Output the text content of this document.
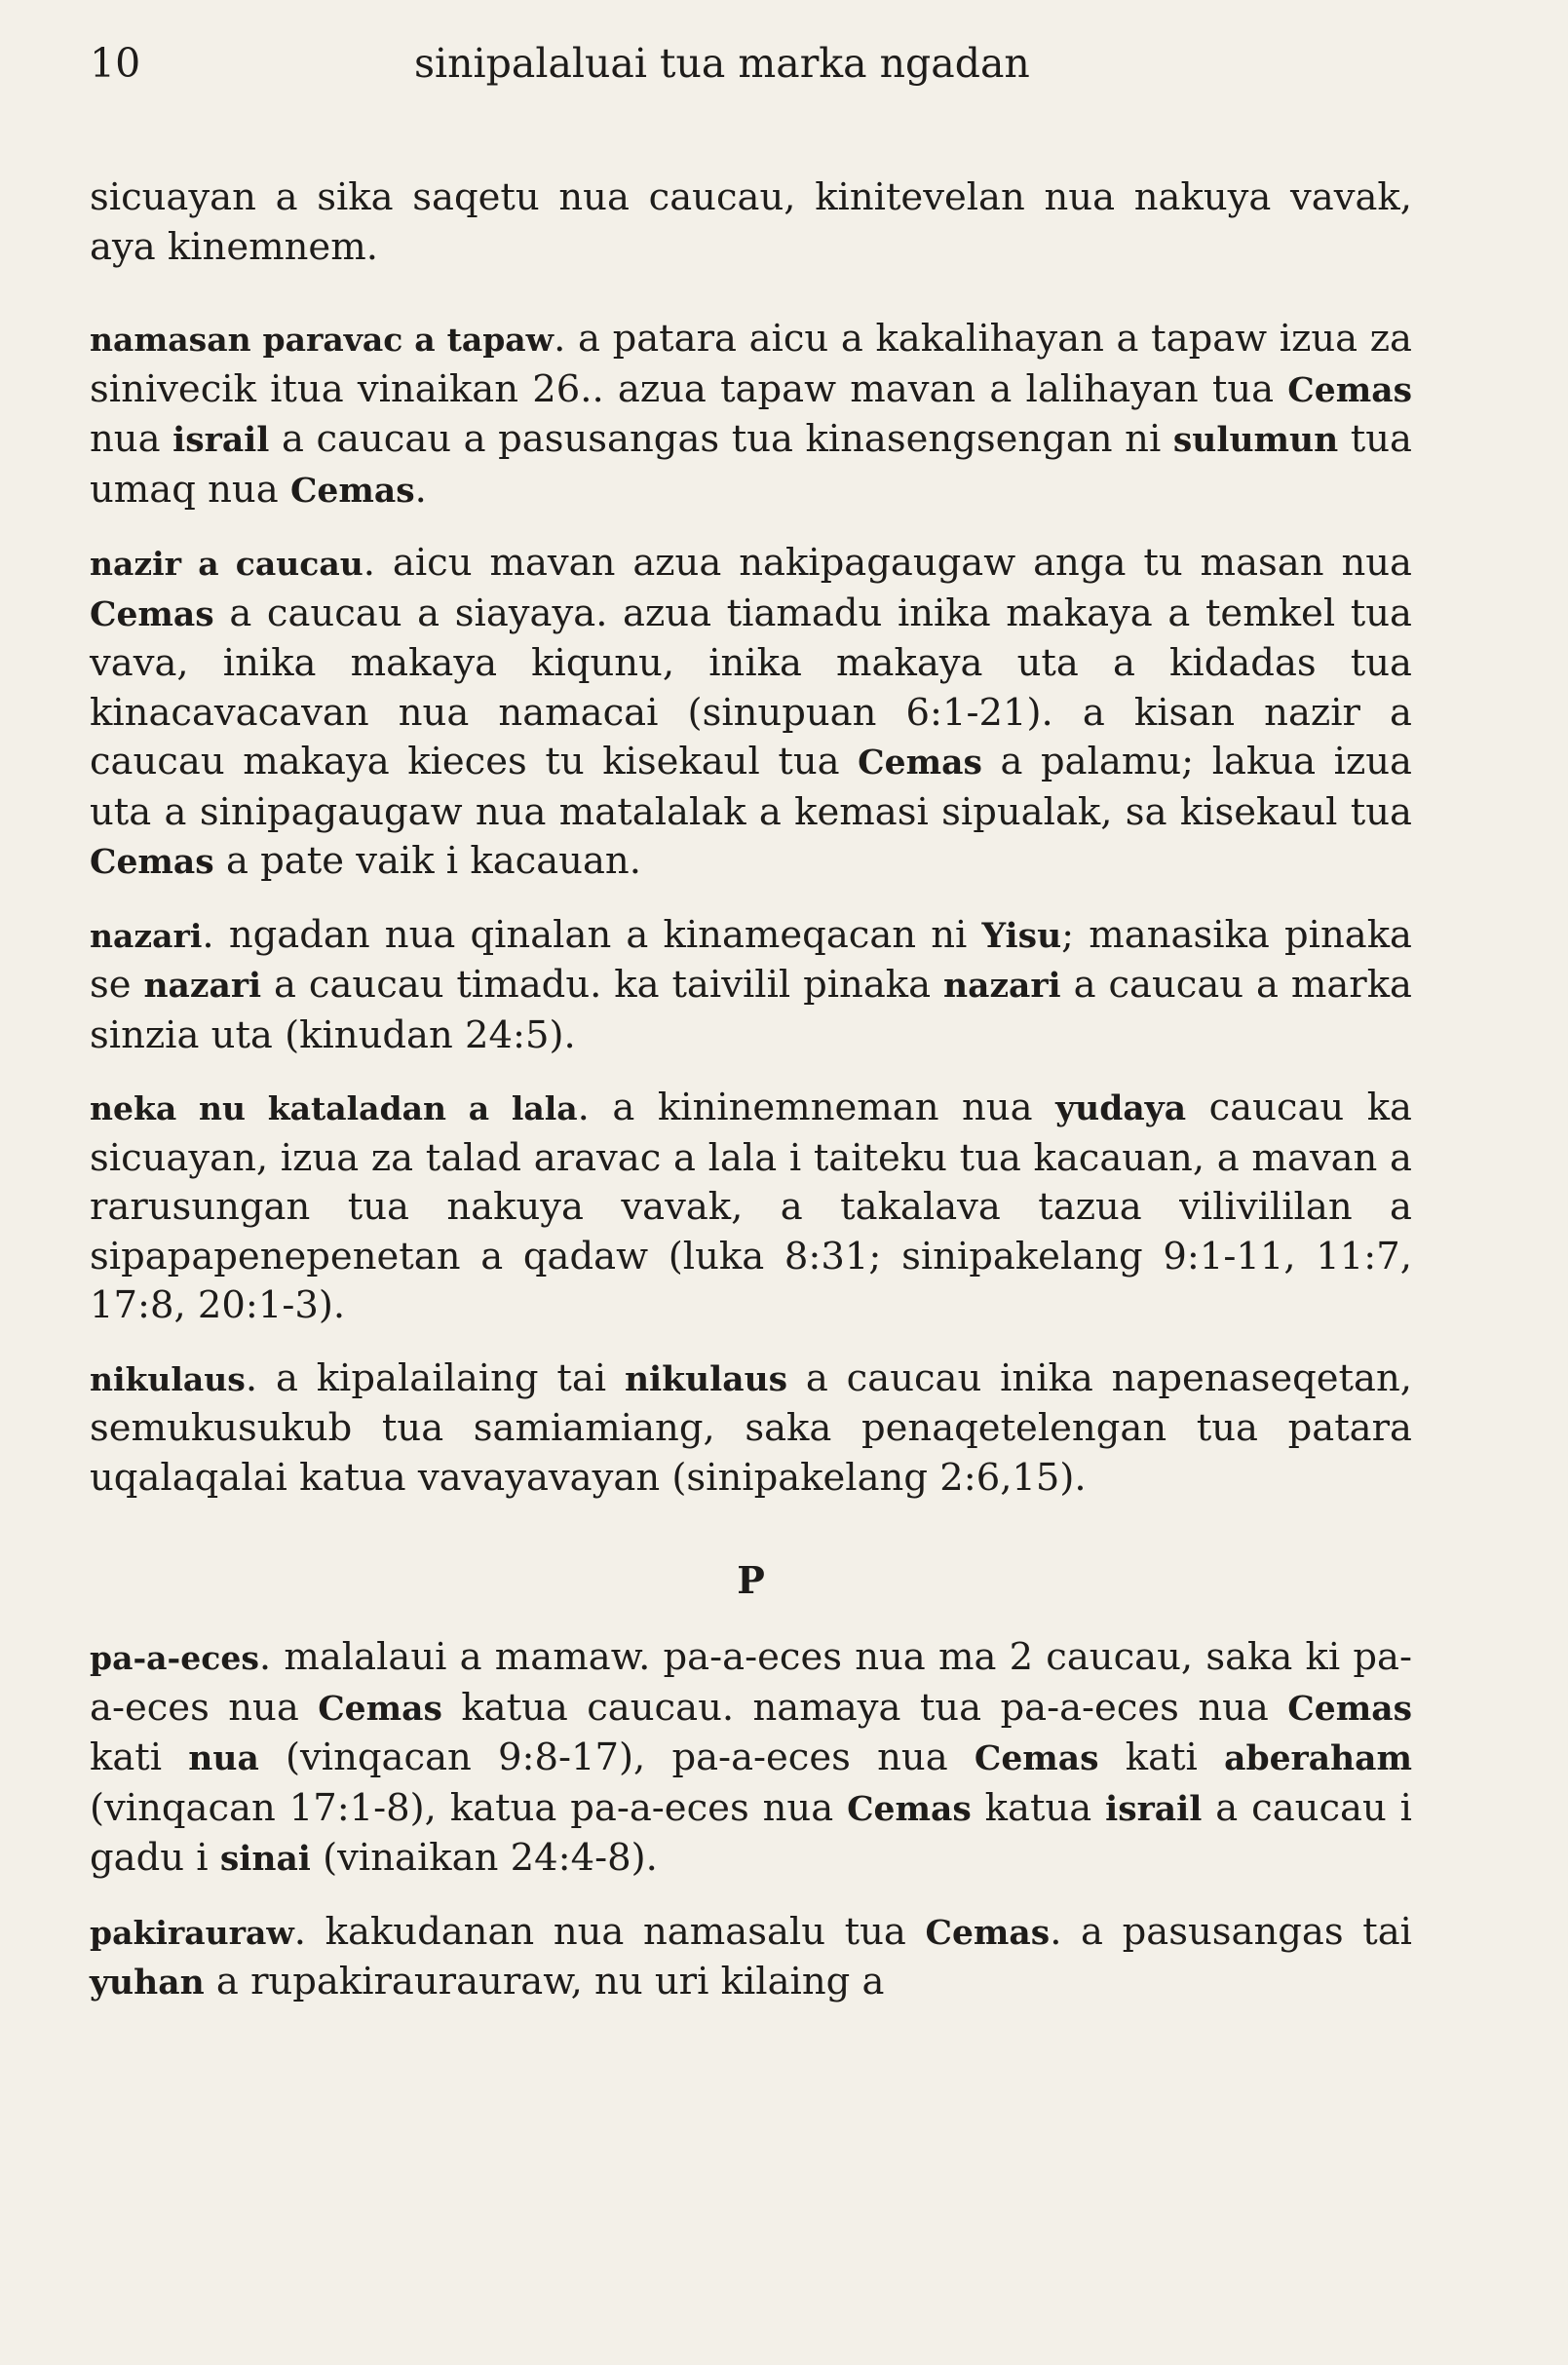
10	sinipalaluai tua marka ngadan

sicuayan a sika saqetu nua caucau, kinitevelan nua nakuya vavak, aya kinemnem.

namasan paravac a tapaw. a patara aicu a kakalihayan a tapaw izua za sinivecik itua vinaikan 26.. azua tapaw mavan a lalihayan tua Cemas nua israil a caucau a pasusangas tua kinasengsengan ni sulumun tua umaq nua Cemas.

nazir a caucau. aicu mavan azua nakipagaugaw anga tu masan nua Cemas a caucau a siayaya. azua tiamadu inika makaya a temkel tua vava, inika makaya kiqunu, inika makaya uta a kidadas tua kinacavacavan nua namacai (sinupuan 6:1-21). a kisan nazir a caucau makaya kieces tu kisekaul tua Cemas a palamu; lakua izua uta a sinipagaugaw nua matalalak a kemasi sipualak, sa kisekaul tua Cemas a pate vaik i kacauan.

nazari. ngadan nua qinalan a kinameqacan ni Yisu; manasika pinaka se nazari a caucau timadu. ka taivilil pinaka nazari a caucau a marka sinzia uta (kinudan 24:5).

neka nu kataladan a lala. a kininemneman nua yudaya caucau ka sicuayan, izua za talad aravac a lala i taiteku tua kacauan, a mavan a rarusungan tua nakuya vavak, a takalava tazua vilivililan a sipapapenepenetan a qadaw (luka 8:31; sinipakelang 9:1-11, 11:7, 17:8, 20:1-3).

nikulaus. a kipalailaing tai nikulaus a caucau inika napenaseqetan, semukusukub tua samiamiang, saka penaqetelengan tua patara uqalaqalai katua vavayavayan (sinipakelang 2:6,15).

P

pa-a-eces. malalaui a mamaw. pa-a-eces nua ma 2 caucau, saka ki pa-a-eces nua Cemas katua caucau. namaya tua pa-a-eces nua Cemas kati nua (vinqacan 9:8-17), pa-a-eces nua Cemas kati aberaham (vinqacan 17:1-8), katua pa-a-eces nua Cemas katua israil a caucau i gadu i sinai (vinaikan 24:4-8).

pakirauraw. kakudanan nua namasalu tua Cemas. a pasusangas tai yuhan a rupakiraurauraw, nu uri kilaing a
